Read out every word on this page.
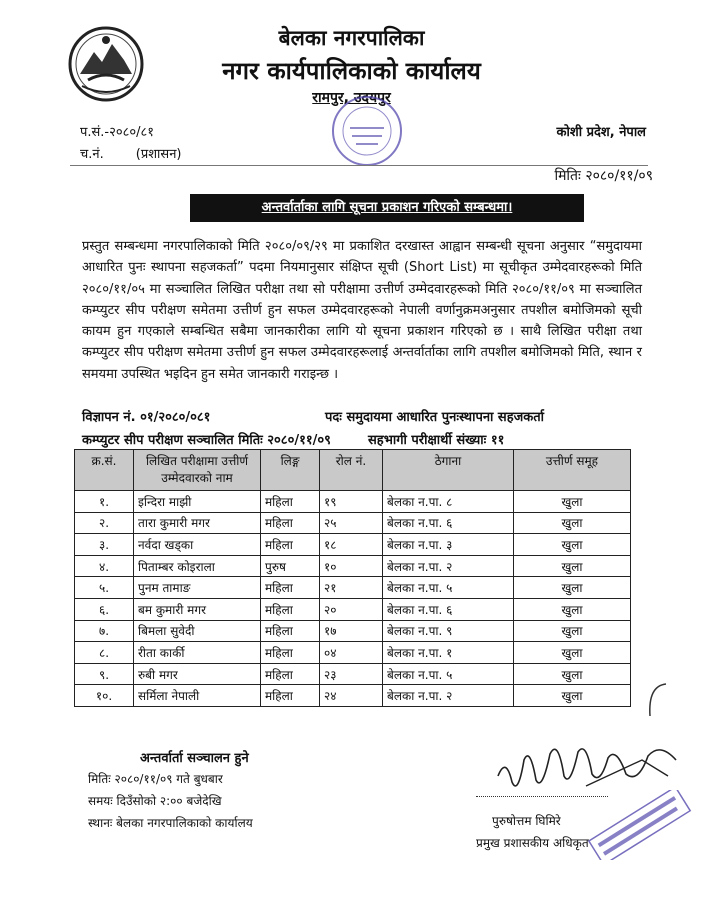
बेलका नगरपालिका
नगर कार्यपालिकाको कार्यालय
रामपुर, उदयपुर
प.सं.-२०८०/८१
च.नं. (प्रशासन)
कोशी प्रदेश, नेपाल
मितिः २०८०/११/०९
अन्तर्वार्ताका लागि सूचना प्रकाशन गरिएको सम्बन्धमा।
प्रस्तुत सम्बन्धमा नगरपालिकाको मिति २०८०/०९/२९ मा प्रकाशित दरखास्त आह्वान सम्बन्धी सूचना अनुसार “समुदायमा आधारित पुनः स्थापना सहजकर्ता” पदमा नियमानुसार संक्षिप्त सूची (Short List) मा सूचीकृत उम्मेदवारहरूको मिति २०८०/११/०५ मा सञ्चालित लिखित परीक्षा तथा सो परीक्षामा उत्तीर्ण उम्मेदवारहरूको मिति २०८०/११/०९ मा सञ्चालित कम्प्युटर सीप परीक्षण समेतमा उत्तीर्ण हुन सफल उम्मेदवारहरूको नेपाली वर्णानुक्रमअनुसार तपशील बमोजिमको सूची कायम हुन गएकाले सम्बन्धित सबैमा जानकारीका लागि यो सूचना प्रकाशन गरिएको छ । साथै लिखित परीक्षा तथा कम्प्युटर सीप परीक्षण समेतमा उत्तीर्ण हुन सफल उम्मेदवारहरूलाई अन्तर्वार्ताका लागि तपशील बमोजिमको मिति, स्थान र समयमा उपस्थित भइदिन हुन समेत जानकारी गराइन्छ ।
विज्ञापन नं. ०१/२०८०/०८१	पदः समुदायमा आधारित पुनःस्थापना सहजकर्ता
कम्प्युटर सीप परीक्षण सञ्चालित मितिः २०८०/११/०९	सहभागी परीक्षार्थी संख्याः ११
क्र.सं.	लिखित परीक्षामा उत्तीर्ण उम्मेदवारको नाम	लिङ्ग	रोल नं.	ठेगाना	उत्तीर्ण समूह
१.	इन्दिरा माझी	महिला	१९	बेलका न.पा. ८	खुला
२.	तारा कुमारी मगर	महिला	२५	बेलका न.पा. ६	खुला
३.	नर्वदा खड्का	महिला	१८	बेलका न.पा. ३	खुला
४.	पिताम्बर कोइराला	पुरुष	१०	बेलका न.पा. २	खुला
५.	पुनम तामाङ	महिला	२१	बेलका न.पा. ५	खुला
६.	बम कुमारी मगर	महिला	२०	बेलका न.पा. ६	खुला
७.	बिमला सुवेदी	महिला	१७	बेलका न.पा. ९	खुला
८.	रीता कार्की	महिला	०४	बेलका न.पा. १	खुला
९.	रुबी मगर	महिला	२३	बेलका न.पा. ५	खुला
१०.	सर्मिला नेपाली	महिला	२४	बेलका न.पा. २	खुला
अन्तर्वार्ता सञ्चालन हुने
मितिः २०८०/११/०९ गते बुधबार
समयः दिउँसोको २:०० बजेदेखि
स्थानः बेलका नगरपालिकाको कार्यालय	पुरुषोत्तम घिमिरे
प्रमुख प्रशासकीय अधिकृत
